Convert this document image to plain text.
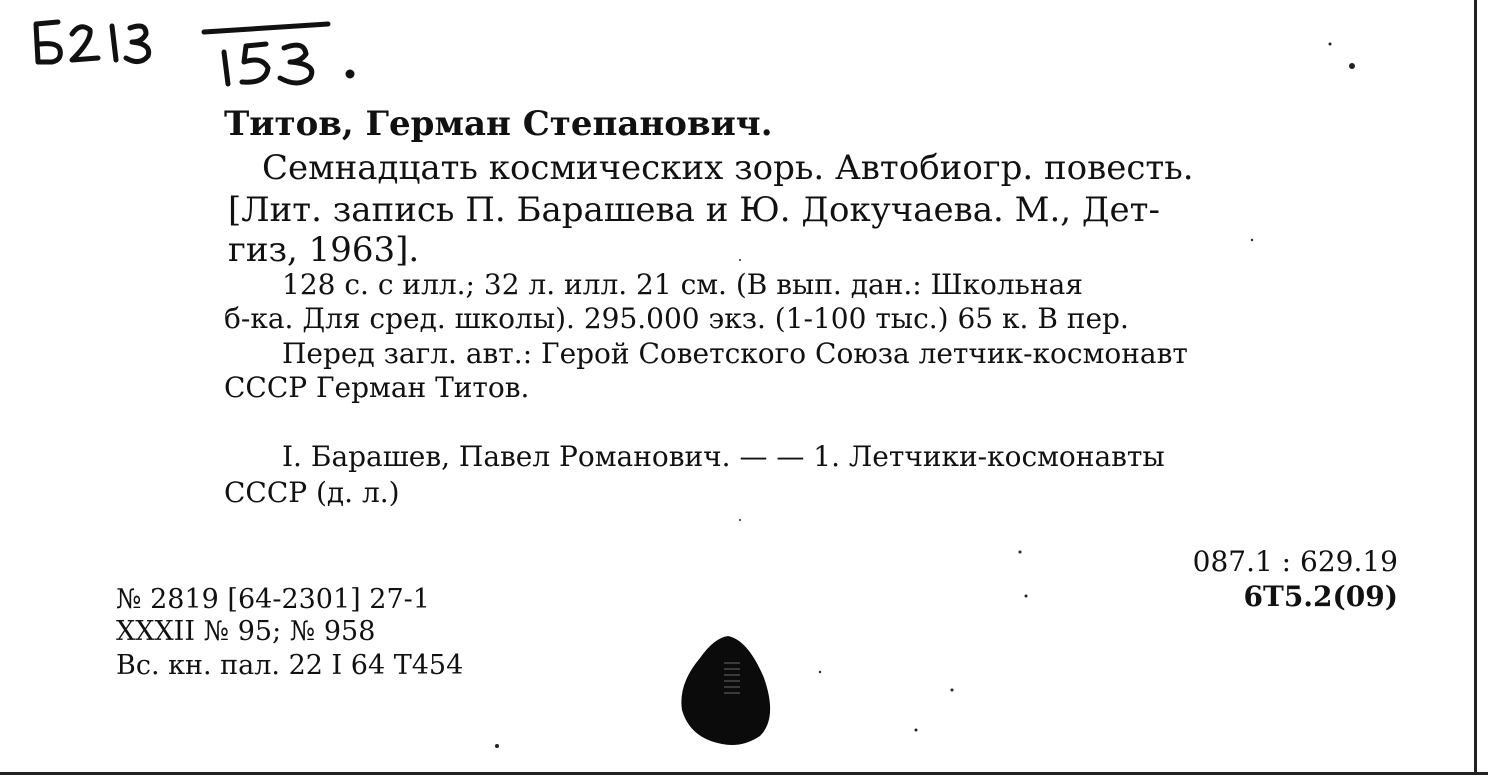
Титов, Герман Степанович.
Семнадцать космических зорь. Автобиогр. повесть.
[Лит. запись П. Барашева и Ю. Докучаева. М., Дет-
гиз, 1963].
128 с. с илл.; 32 л. илл. 21 см. (В вып. дан.: Школьная
б-ка. Для сред. школы). 295.000 экз. (1-100 тыс.) 65 к. В пер.
Перед загл. авт.: Герой Советского Союза летчик-космонавт
СССР Герман Титов.
I. Барашев, Павел Романович. — — 1. Летчики-космонавты
СССР (д. л.)
087.1 : 629.19
6Т5.2(09)
№ 2819 [64-2301] 27-1
XXXII № 95; № 958
Вс. кн. пал. 22 I 64 Т454
